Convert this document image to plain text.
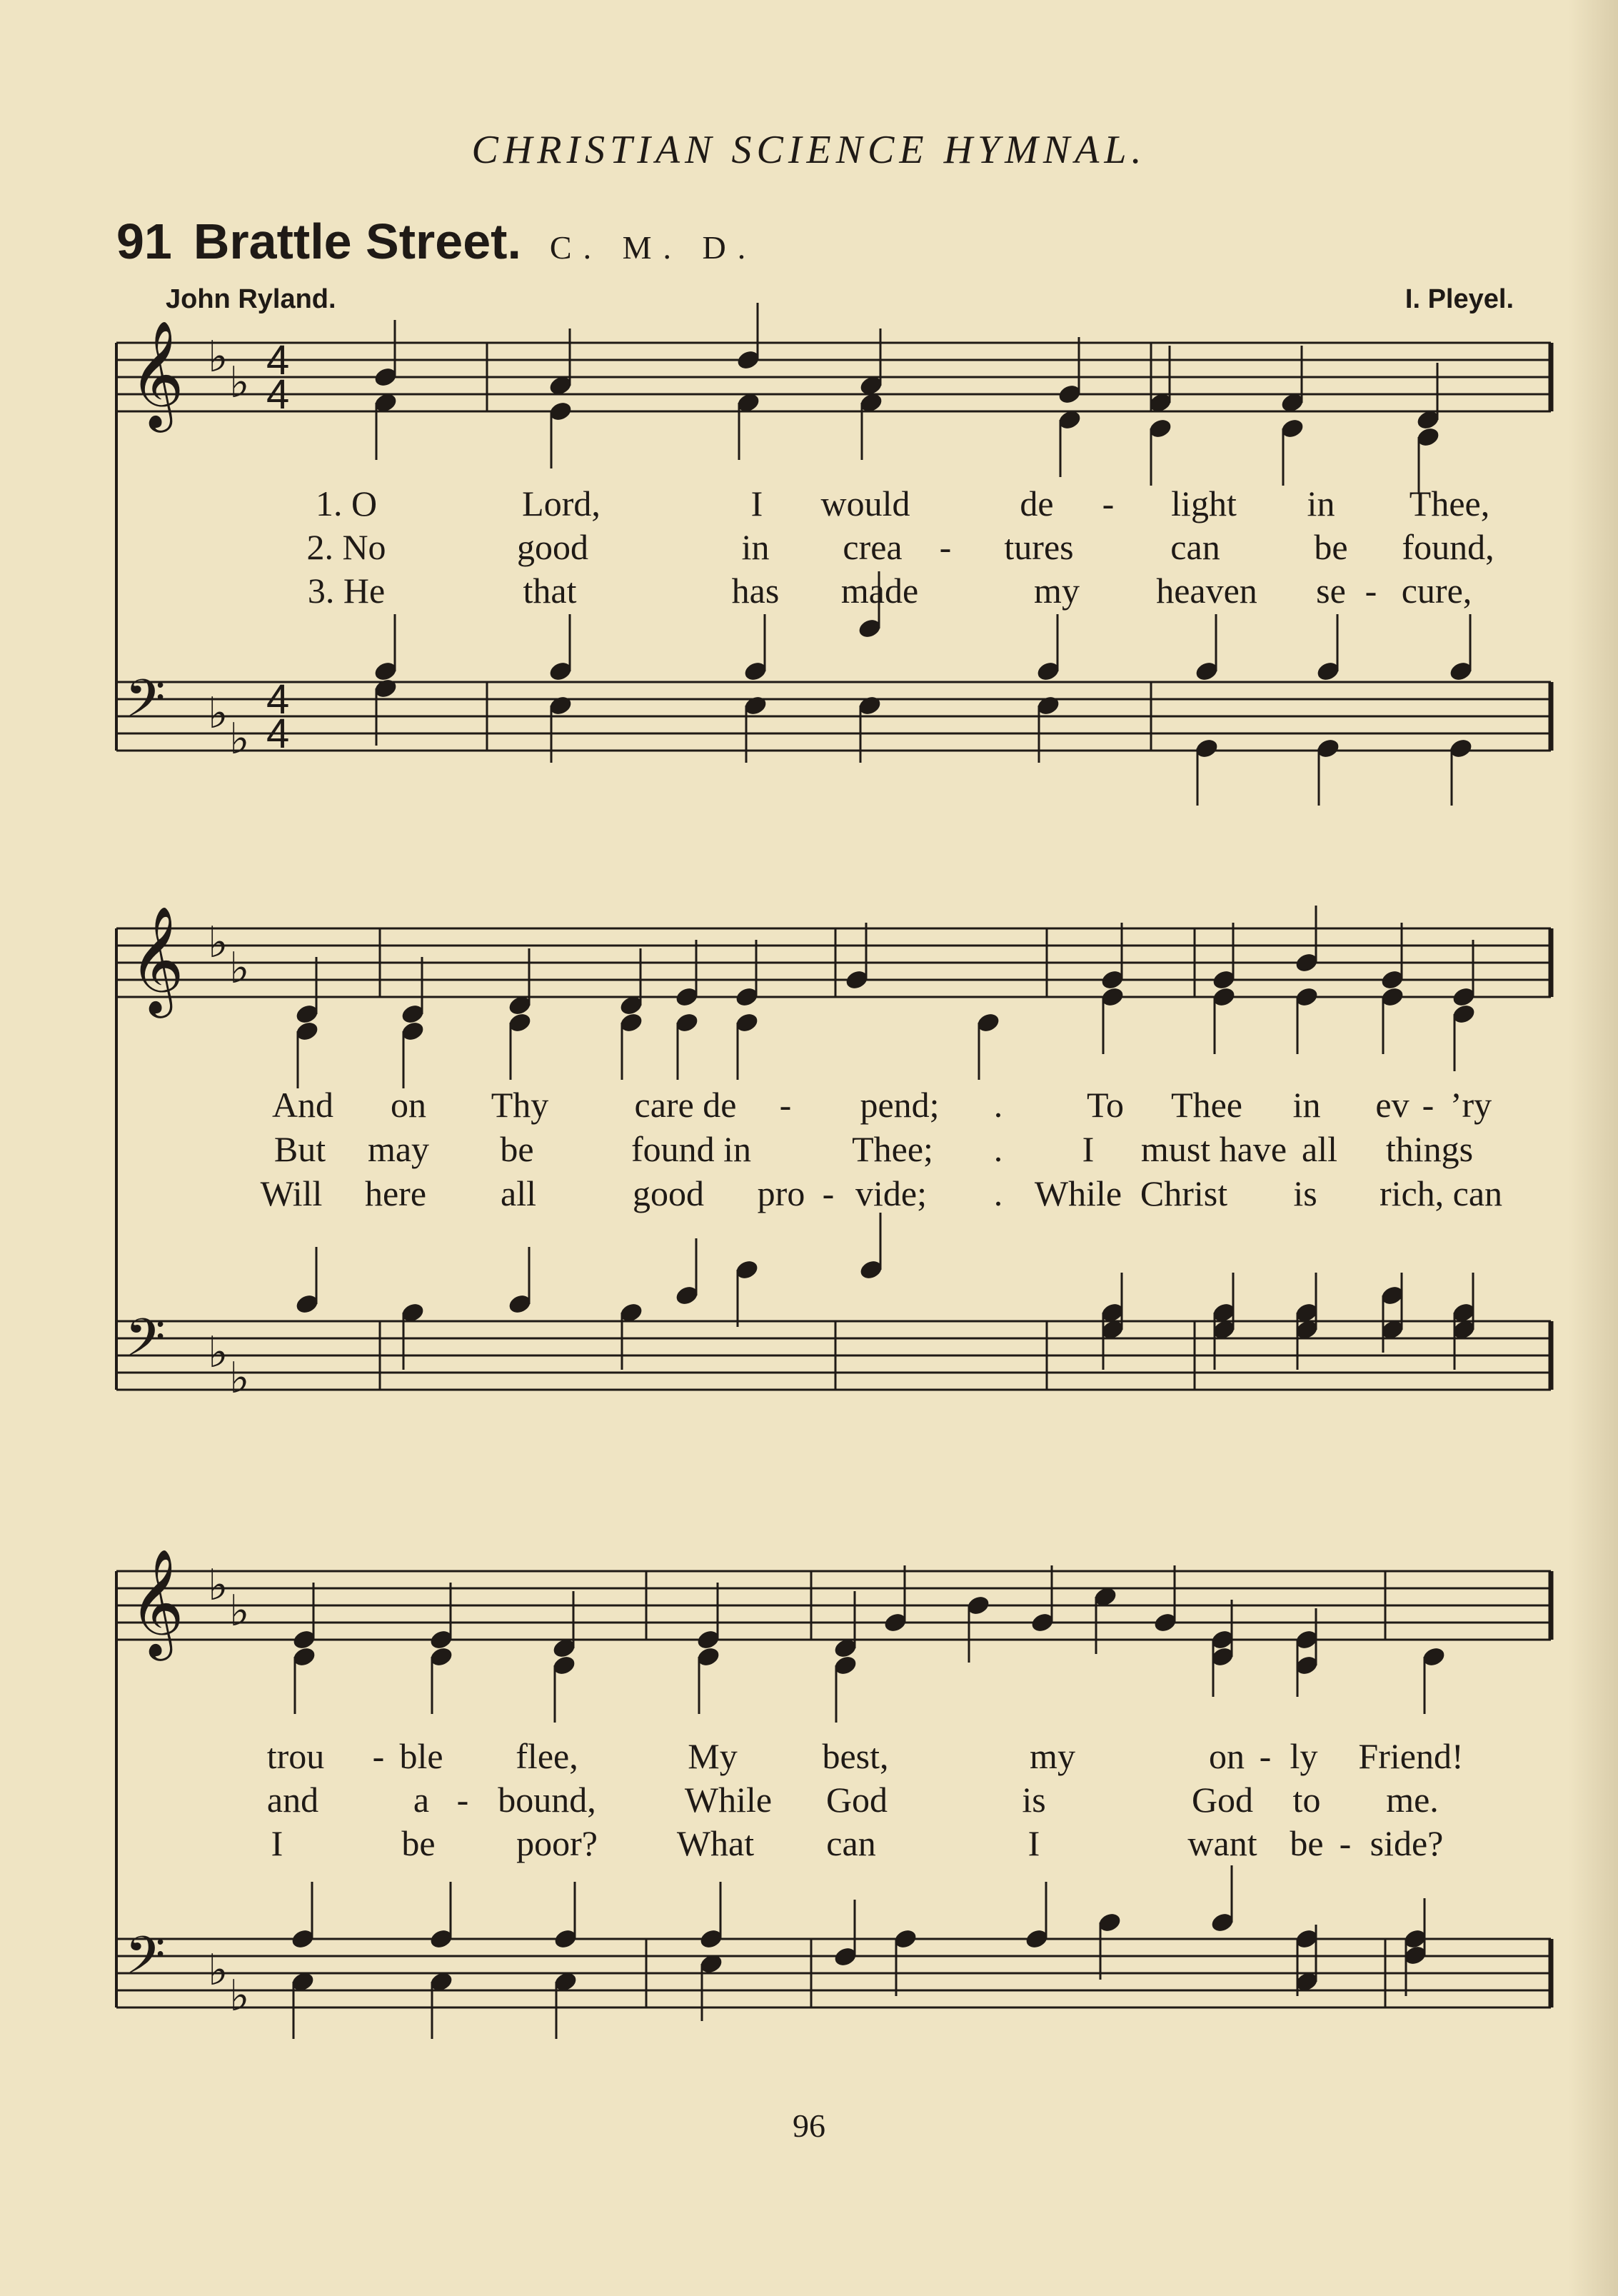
CHRISTIAN SCIENCE HYMNAL.
91 Brattle Street. C. M. D.
John Ryland.	I. Pleyel.
𝄞
𝄢
♭
♭
♭
♭
4
4
4
4
𝄞
𝄢
♭
♭
♭
♭
𝄞
𝄢
♭
♭
♭
♭
1. O	Lord,	I would	de - light in Thee,
2. No	good	in crea - tures	can	be found,
3. He	that	has made	my heaven se - cure,
And on Thy care de - pend; . To Thee in ev - ’ry
But may be	found in	Thee; . I must have all things
Will here all	good pro - vide; . While Christ is rich, can
trou - ble flee,	My best,	my	on - ly Friend!
and	a - bound, While God	is	God to me.
I	be poor? What can	I	want be - side?
96
